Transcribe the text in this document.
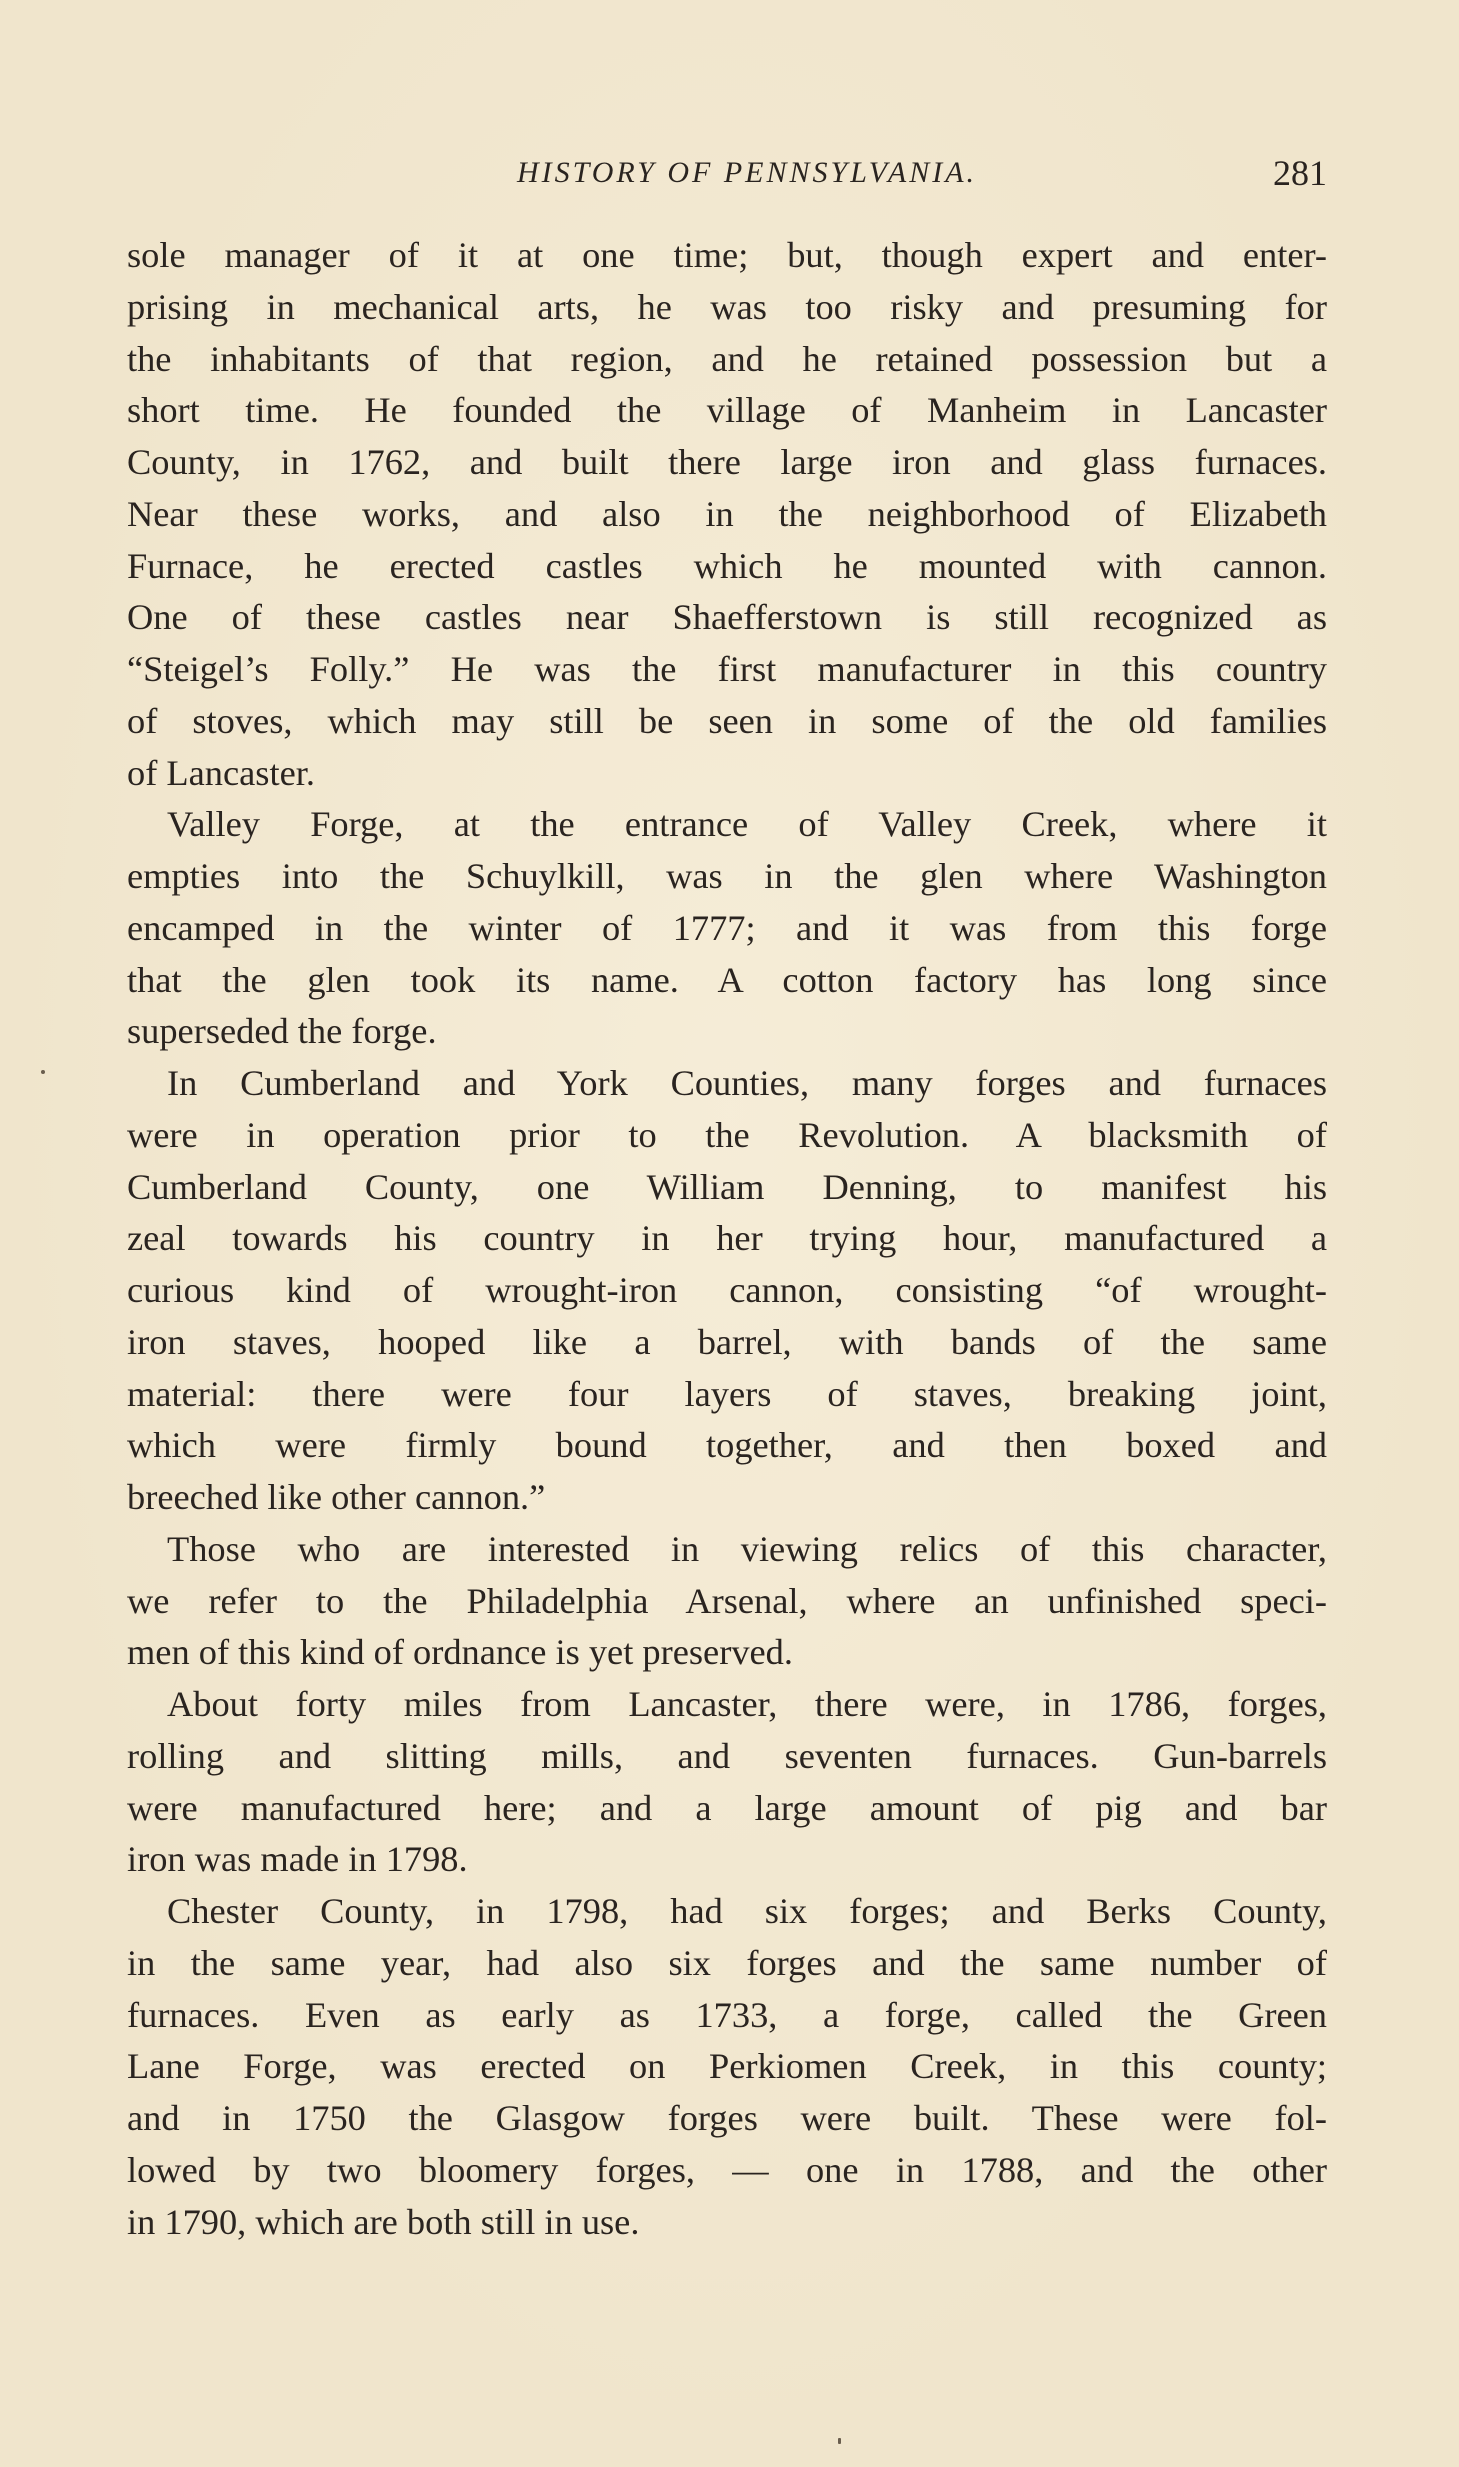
HISTORY OF PENNSYLVANIA.	281
sole manager of it at one time; but, though expert and enter-
prising in mechanical arts, he was too risky and presuming for
the inhabitants of that region, and he retained possession but a
short time. He founded the village of Manheim in Lancaster
County, in 1762, and built there large iron and glass furnaces.
Near these works, and also in the neighborhood of Elizabeth
Furnace, he erected castles which he mounted with cannon.
One of these castles near Shaefferstown is still recognized as
“Steigel’s Folly.” He was the first manufacturer in this country
of stoves, which may still be seen in some of the old families
of Lancaster.
Valley Forge, at the entrance of Valley Creek, where it
empties into the Schuylkill, was in the glen where Washington
encamped in the winter of 1777; and it was from this forge
that the glen took its name. A cotton factory has long since
superseded the forge.
In Cumberland and York Counties, many forges and furnaces
were in operation prior to the Revolution. A blacksmith of
Cumberland County, one William Denning, to manifest his
zeal towards his country in her trying hour, manufactured a
curious kind of wrought-iron cannon, consisting “of wrought-
iron staves, hooped like a barrel, with bands of the same
material: there were four layers of staves, breaking joint,
which were firmly bound together, and then boxed and
breeched like other cannon.”
Those who are interested in viewing relics of this character,
we refer to the Philadelphia Arsenal, where an unfinished speci-
men of this kind of ordnance is yet preserved.
About forty miles from Lancaster, there were, in 1786, forges,
rolling and slitting mills, and seventen furnaces. Gun-barrels
were manufactured here; and a large amount of pig and bar
iron was made in 1798.
Chester County, in 1798, had six forges; and Berks County,
in the same year, had also six forges and the same number of
furnaces. Even as early as 1733, a forge, called the Green
Lane Forge, was erected on Perkiomen Creek, in this county;
and in 1750 the Glasgow forges were built. These were fol-
lowed by two bloomery forges, — one in 1788, and the other
in 1790, which are both still in use.
